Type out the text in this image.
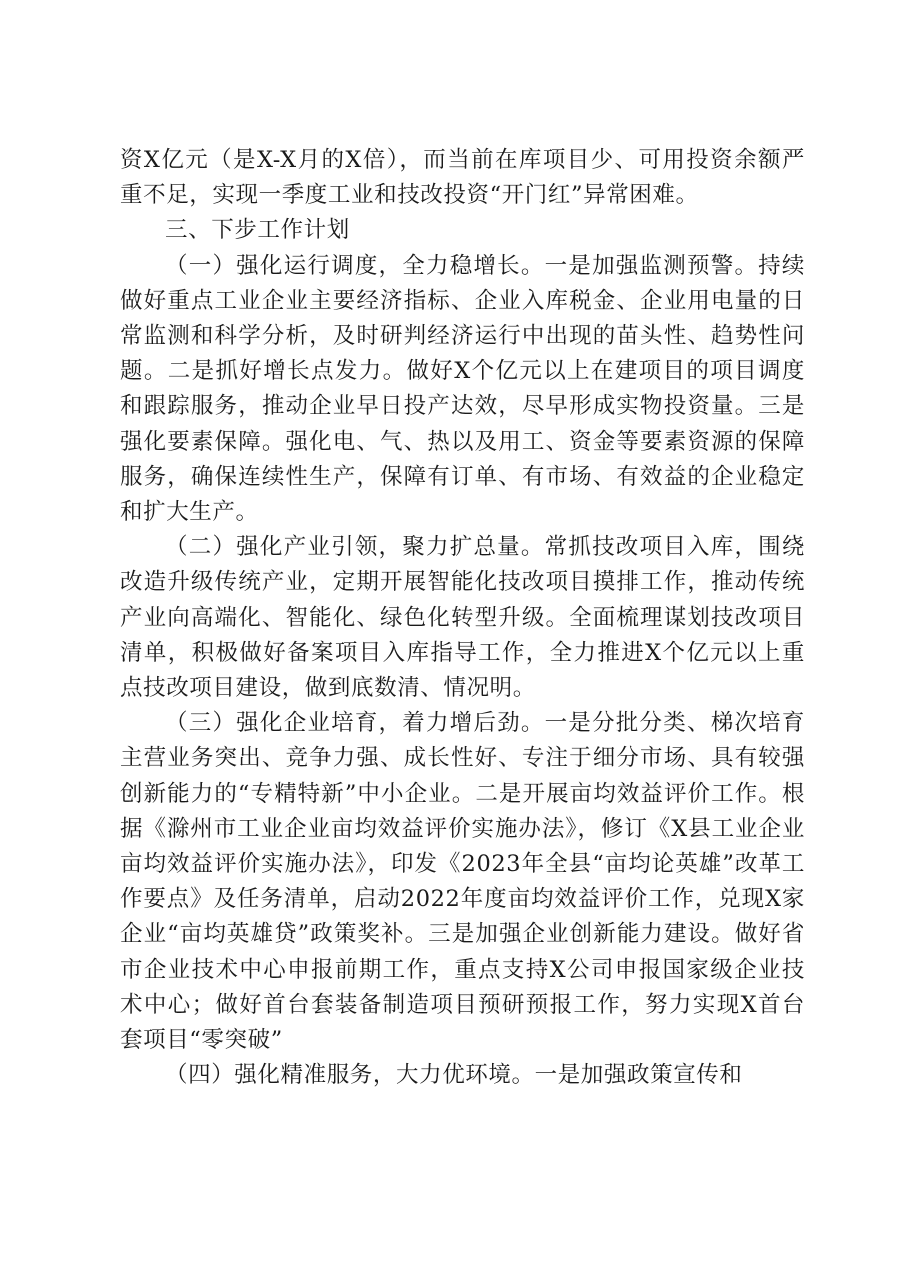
资X亿元（是X-X月的X倍），而当前在库项目少、可用投资余额严重不足，实现一季度工业和技改投资“开门红”异常困难。

三、下步工作计划

（一）强化运行调度，全力稳增长。一是加强监测预警。持续做好重点工业企业主要经济指标、企业入库税金、企业用电量的日常监测和科学分析，及时研判经济运行中出现的苗头性、趋势性问题。二是抓好增长点发力。做好X个亿元以上在建项目的项目调度和跟踪服务，推动企业早日投产达效，尽早形成实物投资量。三是强化要素保障。强化电、气、热以及用工、资金等要素资源的保障服务，确保连续性生产，保障有订单、有市场、有效益的企业稳定和扩大生产。

（二）强化产业引领，聚力扩总量。常抓技改项目入库，围绕改造升级传统产业，定期开展智能化技改项目摸排工作，推动传统产业向高端化、智能化、绿色化转型升级。全面梳理谋划技改项目清单，积极做好备案项目入库指导工作，全力推进X个亿元以上重点技改项目建设，做到底数清、情况明。

（三）强化企业培育，着力增后劲。一是分批分类、梯次培育主营业务突出、竞争力强、成长性好、专注于细分市场、具有较强创新能力的“专精特新”中小企业。二是开展亩均效益评价工作。根据《滁州市工业企业亩均效益评价实施办法》，修订《X县工业企业亩均效益评价实施办法》，印发《2023年全县“亩均论英雄”改革工作要点》及任务清单，启动2022年度亩均效益评价工作，兑现X家企业“亩均英雄贷”政策奖补。三是加强企业创新能力建设。做好省市企业技术中心申报前期工作，重点支持X公司申报国家级企业技术中心；做好首台套装备制造项目预研预报工作，努力实现X首台套项目“零突破”

（四）强化精准服务，大力优环境。一是加强政策宣传和
